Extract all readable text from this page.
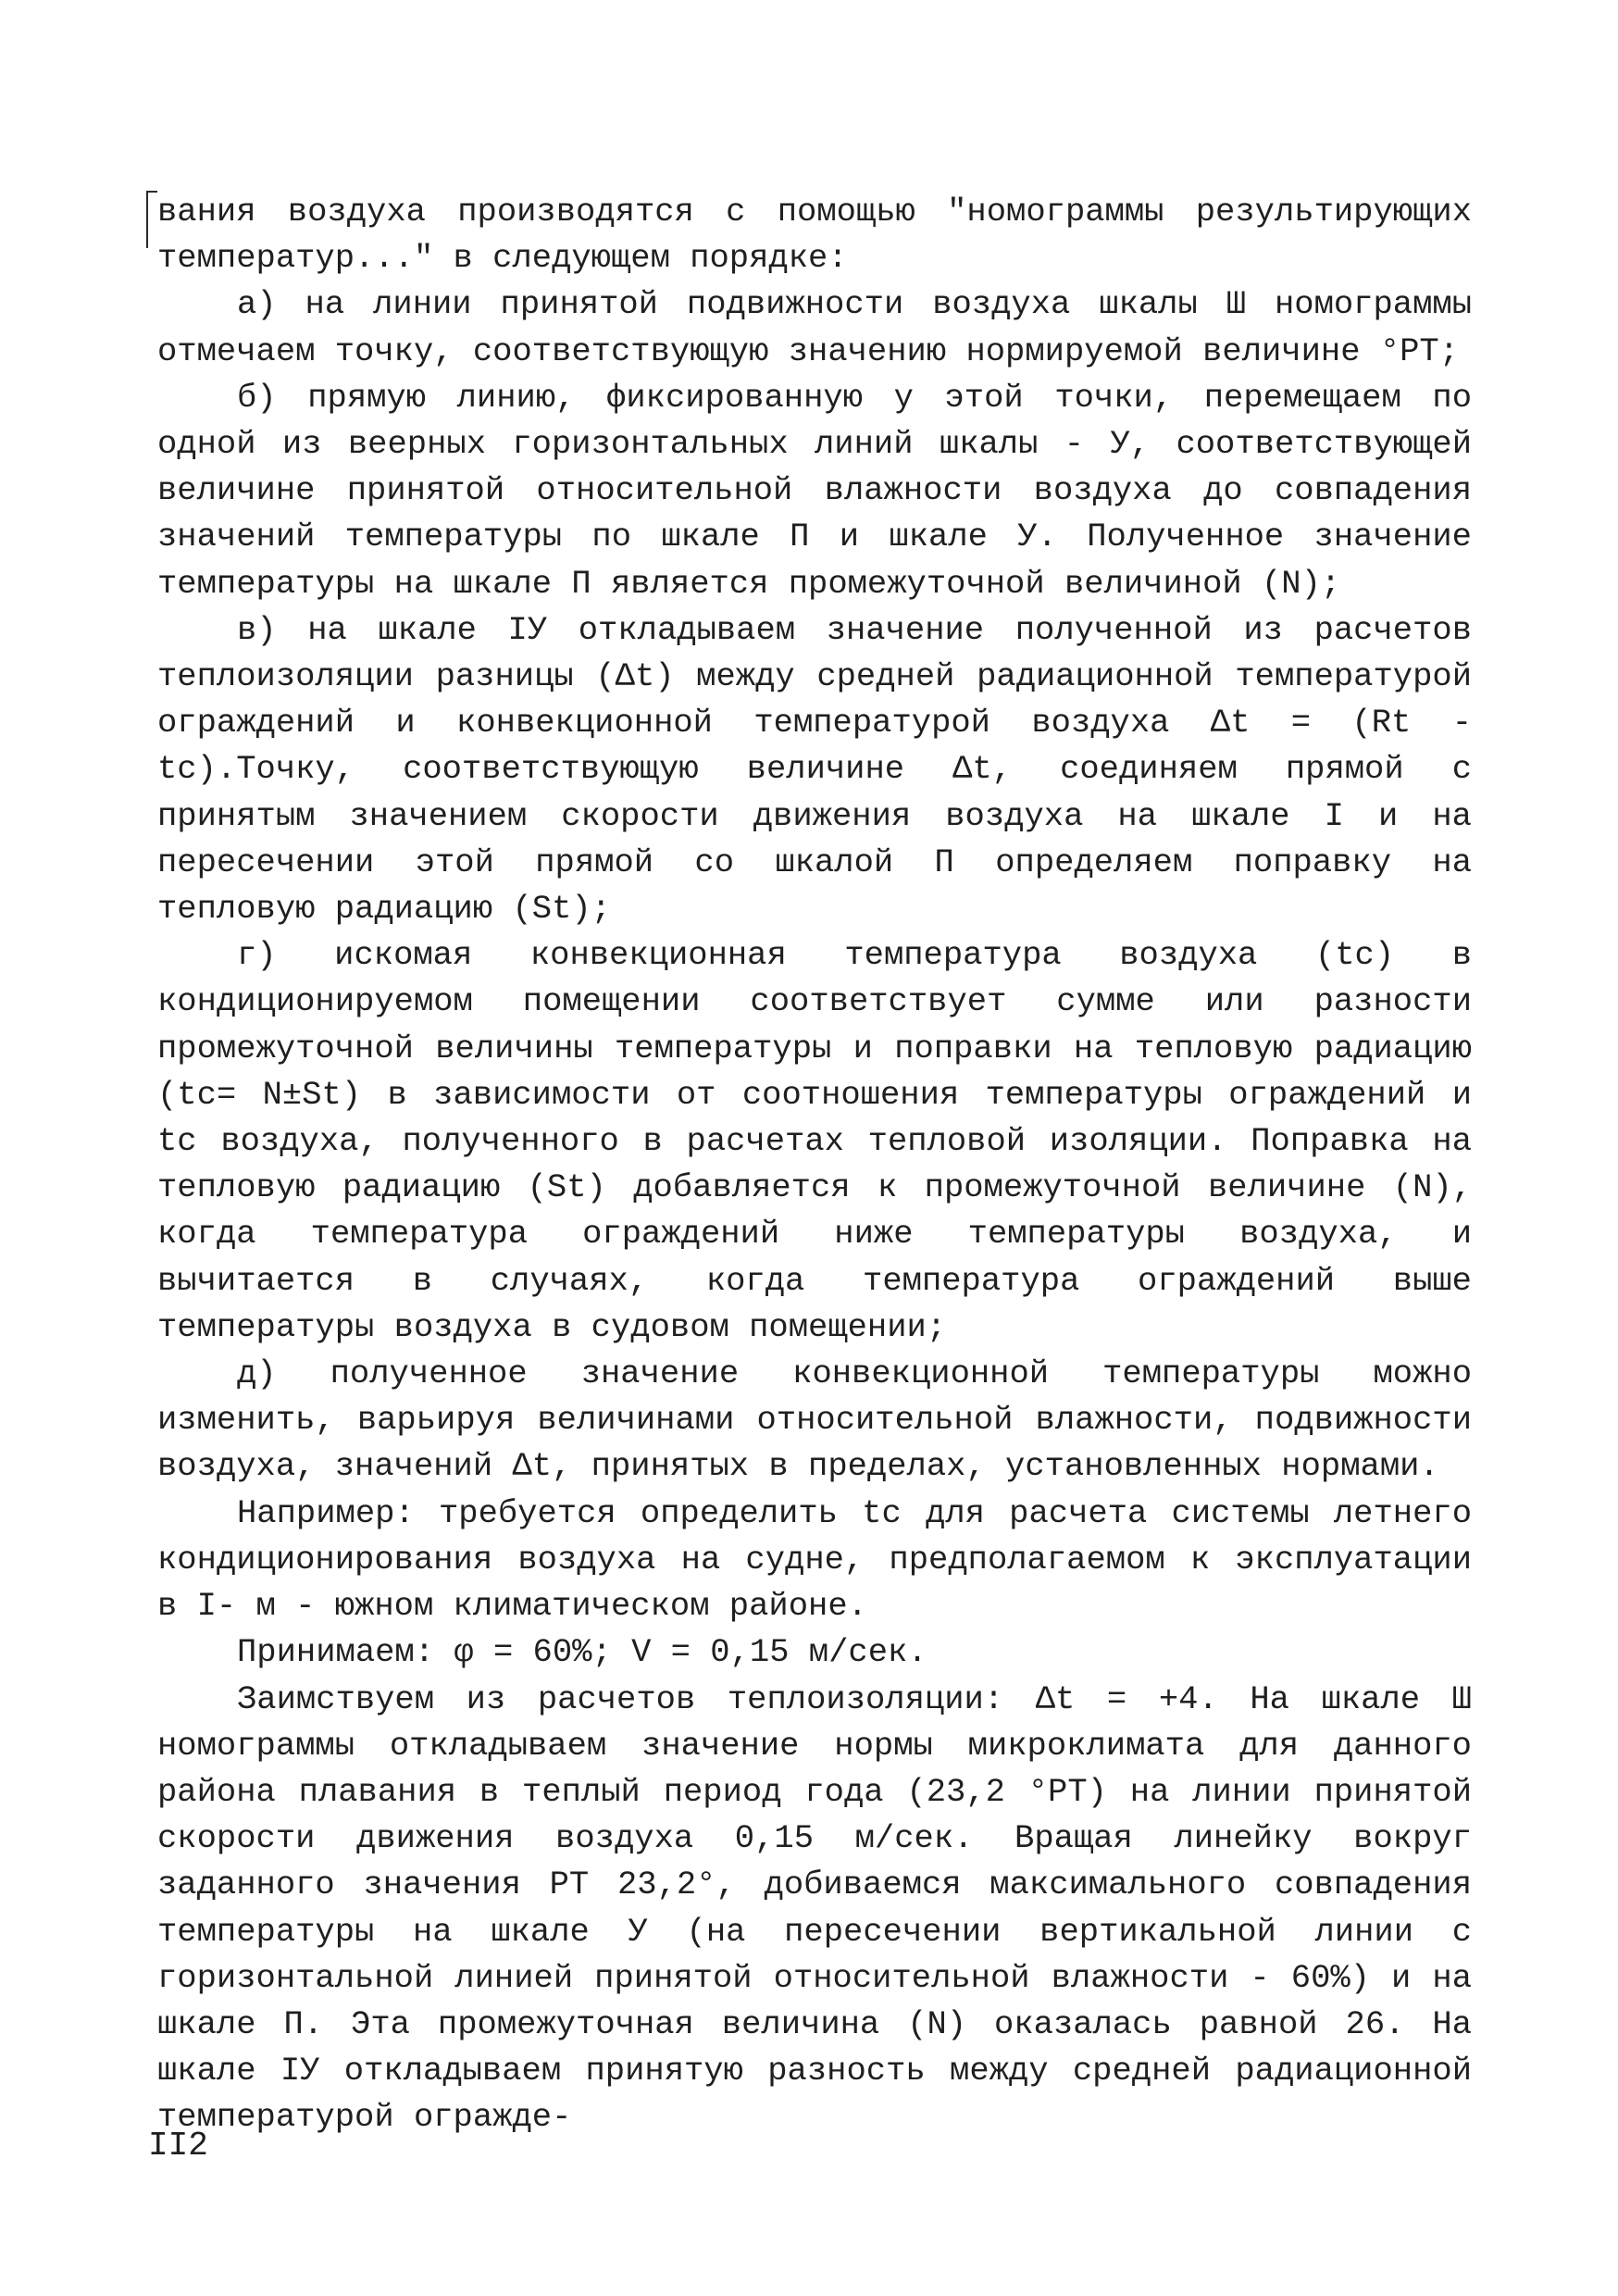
вания воздуха производятся с помощью "номограммы результирующих температур..." в следующем порядке:

а) на линии принятой подвижности воздуха шкалы Ш номограммы отмечаем точку, соответствующую значению нормируемой величине °РТ;

б) прямую линию, фиксированную у этой точки, перемещаем по одной из веерных горизонтальных линий шкалы - У, соответствующей величине принятой относительной влажности воздуха до совпадения значений температуры по шкале П и шкале У. Полученное значение температуры на шкале П является промежуточной величиной (N);

в) на шкале IУ откладываем значение полученной из расчетов теплоизоляции разницы (Δt) между средней радиационной температурой ограждений и конвекционной температурой воздуха Δt = (Rt - tc).Точку, соответствующую величине Δt, соединяем прямой с принятым значением скорости движения воздуха на шкале I и на пересечении этой прямой со шкалой П определяем поправку на тепловую радиацию (St);

г) искомая конвекционная температура воздуха (tc) в кондиционируемом помещении соответствует сумме или разности промежуточной величины температуры и поправки на тепловую радиацию (tc= N±St) в зависимости от соотношения температуры ограждений и tc воздуха, полученного в расчетах тепловой изоляции. Поправка на тепловую радиацию (St) добавляется к промежуточной величине (N), когда температура ограждений ниже температуры воздуха, и вычитается в случаях, когда температура ограждений выше температуры воздуха в судовом помещении;

д) полученное значение конвекционной температуры можно изменить, варьируя величинами относительной влажности, подвижности воздуха, значений Δt, принятых в пределах, установленных нормами.

Например: требуется определить tc для расчета системы летнего кондиционирования воздуха на судне, предполагаемом к эксплуатации в I- м - южном климатическом районе.

Принимаем: φ = 60%; V = 0,15 м/сек.

Заимствуем из расчетов теплоизоляции: Δt = +4. На шкале Ш номограммы откладываем значение нормы микроклимата для данного района плавания в теплый период года (23,2 °РТ) на линии принятой скорости движения воздуха 0,15 м/сек. Вращая линейку вокруг заданного значения РТ 23,2°, добиваемся максимального совпадения температуры на шкале У (на пересечении вертикальной линии с горизонтальной линией принятой относительной влажности - 60%) и на шкале П. Эта промежуточная величина (N) оказалась равной 26. На шкале IУ откладываем принятую разность между средней радиационной температурой огражде-

II2
